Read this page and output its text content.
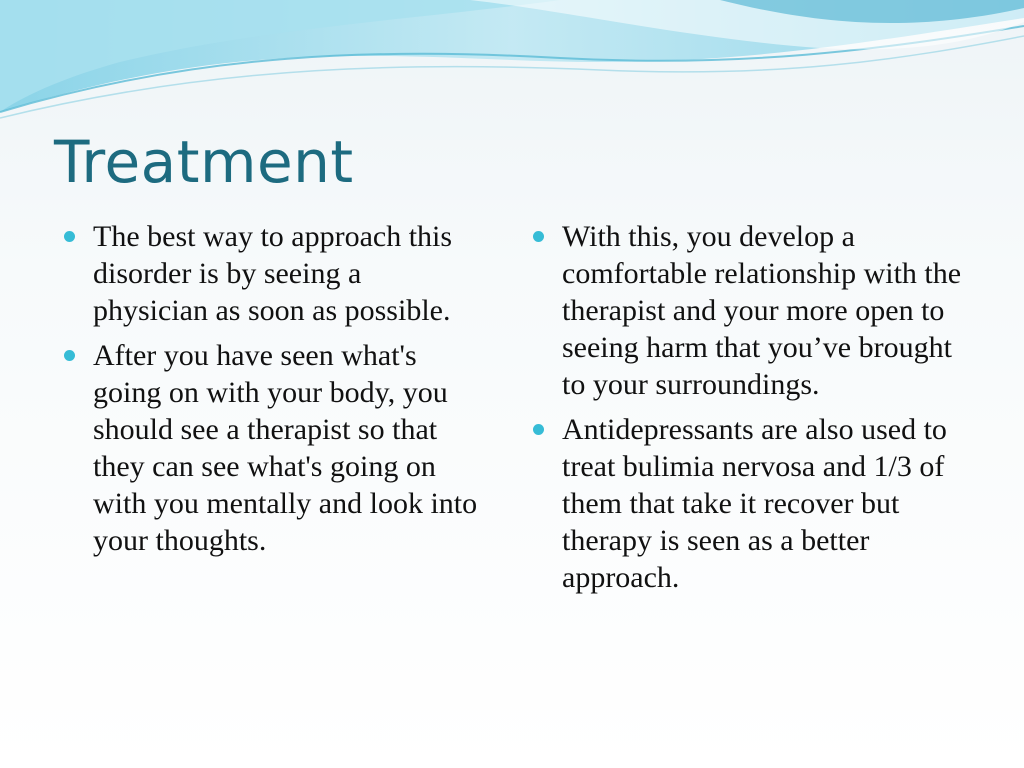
Treatment
The best way to approach this disorder is by seeing a physician as soon as possible.
After you have seen what's going on with your body, you should see a therapist so that they can see what's going on with you mentally and look into your thoughts.
With this, you develop a comfortable relationship with the therapist and your more open to seeing harm that you’ve brought to your surroundings.
Antidepressants are also used to treat bulimia nervosa and 1/3 of them that take it recover but therapy is seen as a better approach.
